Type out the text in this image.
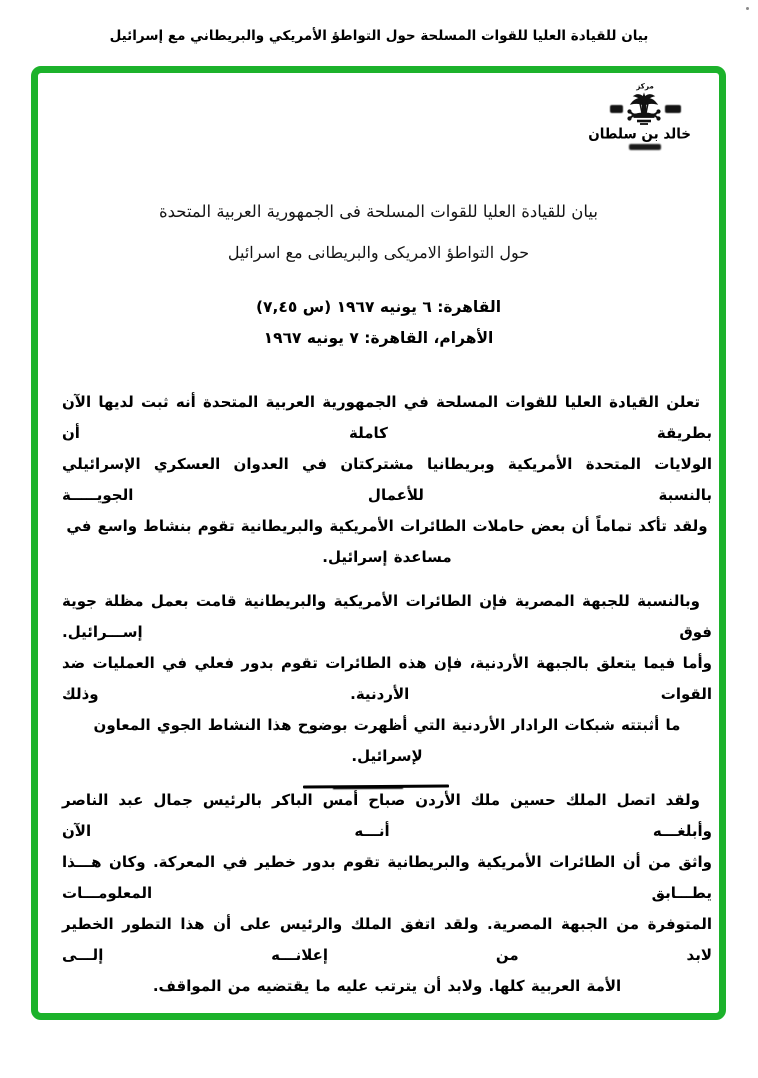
بيان للقيادة العليا للقوات المسلحة حول التواطؤ الأمريكي والبريطاني مع إسرائيل
مركز
خالد بن سلطان
بيان للقيادة العليا للقوات المسلحة فى الجمهورية العربية المتحدة
حول التواطؤ الامريكى والبريطانى مع اسرائيل
القاهرة: ٦ يونيه ١٩٦٧ (س ٧,٤٥)
الأهرام، القاهرة: ٧ يونيه ١٩٦٧

تعلن القيادة العليا للقوات المسلحة في الجمهورية العربية المتحدة أنه ثبت لديها الآن بطريقة كاملة أن
الولايات المتحدة الأمريكية وبريطانيا مشتركتان في العدوان العسكري الإسرائيلي بالنسبة للأعمال الجويـــــة
ولقد تأكد تماماً أن بعض حاملات الطائرات الأمريكية والبريطانية تقوم بنشاط واسع في مساعدة إسرائيل.

وبالنسبة للجبهة المصرية فإن الطائرات الأمريكية والبريطانية قامت بعمل مظلة جوية فوق إســـرائيل.
وأما فيما يتعلق بالجبهة الأردنية، فإن هذه الطائرات تقوم بدور فعلي في العمليات ضد القوات الأردنية. وذلك
ما أثبتته شبكات الرادار الأردنية التي أظهرت بوضوح هذا النشاط الجوي المعاون لإسرائيل.

ولقد اتصل الملك حسين ملك الأردن صباح أمس الباكر بالرئيس جمال عبد الناصر وأبلغـــه أنـــه الآن
واثق من أن الطائرات الأمريكية والبريطانية تقوم بدور خطير في المعركة. وكان هـــذا يطـــابق المعلومـــات
المتوفرة من الجبهة المصرية. ولقد اتفق الملك والرئيس على أن هذا التطور الخطير لابد من إعلانـــه إلـــى
الأمة العربية كلها. ولابد أن يترتب عليه ما يقتضيه من المواقف.
